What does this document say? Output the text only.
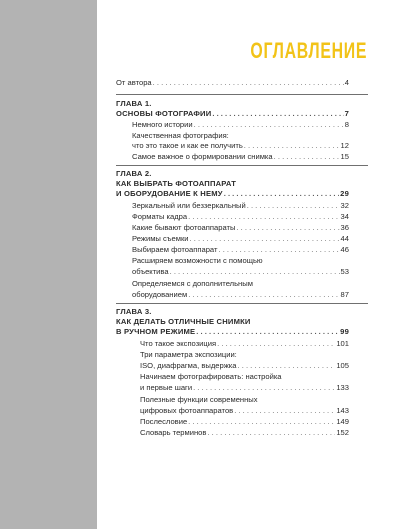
ОГЛАВЛЕНИЕ
От автора . . .	4
ГЛАВА 1.
ОСНОВЫ ФОТОГРАФИИ . . .	7
Немного истории . . .	8
Качественная фотография:
что это такое и как ее получить . . .	12
Самое важное о формировании снимка . . .	15
ГЛАВА 2.
КАК ВЫБРАТЬ ФОТОАППАРАТ
И ОБОРУДОВАНИЕ К НЕМУ . . .	29
Зеркальный или беззеркальный . . .	32
Форматы кадра . . .	34
Какие бывают фотоаппараты . . .	36
Режимы съемки . . .	44
Выбираем фотоаппарат . . .	46
Расширяем возможности с помощью
объектива . . .	53
Определяемся с дополнительным
оборудованием . . .	87
ГЛАВА 3.
КАК ДЕЛАТЬ ОТЛИЧНЫЕ СНИМКИ
В РУЧНОМ РЕЖИМЕ . . .	99
Что такое экспозиция . . .	101
Три параметра экспозиции:
ISO, диафрагма, выдержка . . .	105
Начинаем фотографировать: настройка
и первые шаги . . .	133
Полезные функции современных
цифровых фотоаппаратов . . .	143
Послесловие . . .	149
Словарь терминов . . .	152
